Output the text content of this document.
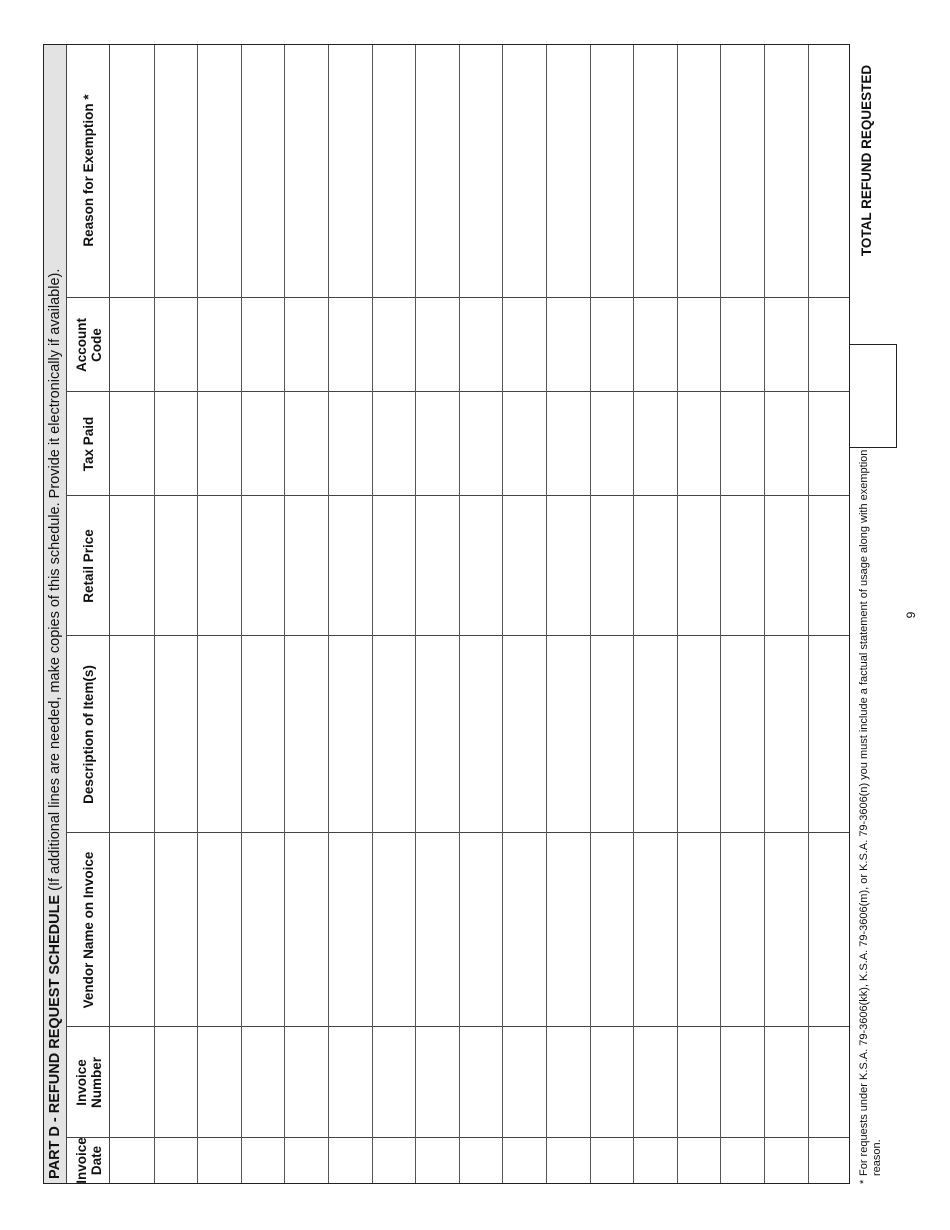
PART D - REFUND REQUEST SCHEDULE (If additional lines are needed, make copies of this schedule. Provide it electronically if available).
Invoice
Date
Invoice
Number
Vendor Name on Invoice
Description of Item(s)
Retail Price
Tax Paid
Account
Code
Reason for Exemption *
*
For requests under K.S.A. 79-3606(kk), K.S.A. 79-3606(m), or K.S.A. 79-3606(n) you must include a factual statement of usage along with exemption reason.
TOTAL REFUND REQUESTED
9
